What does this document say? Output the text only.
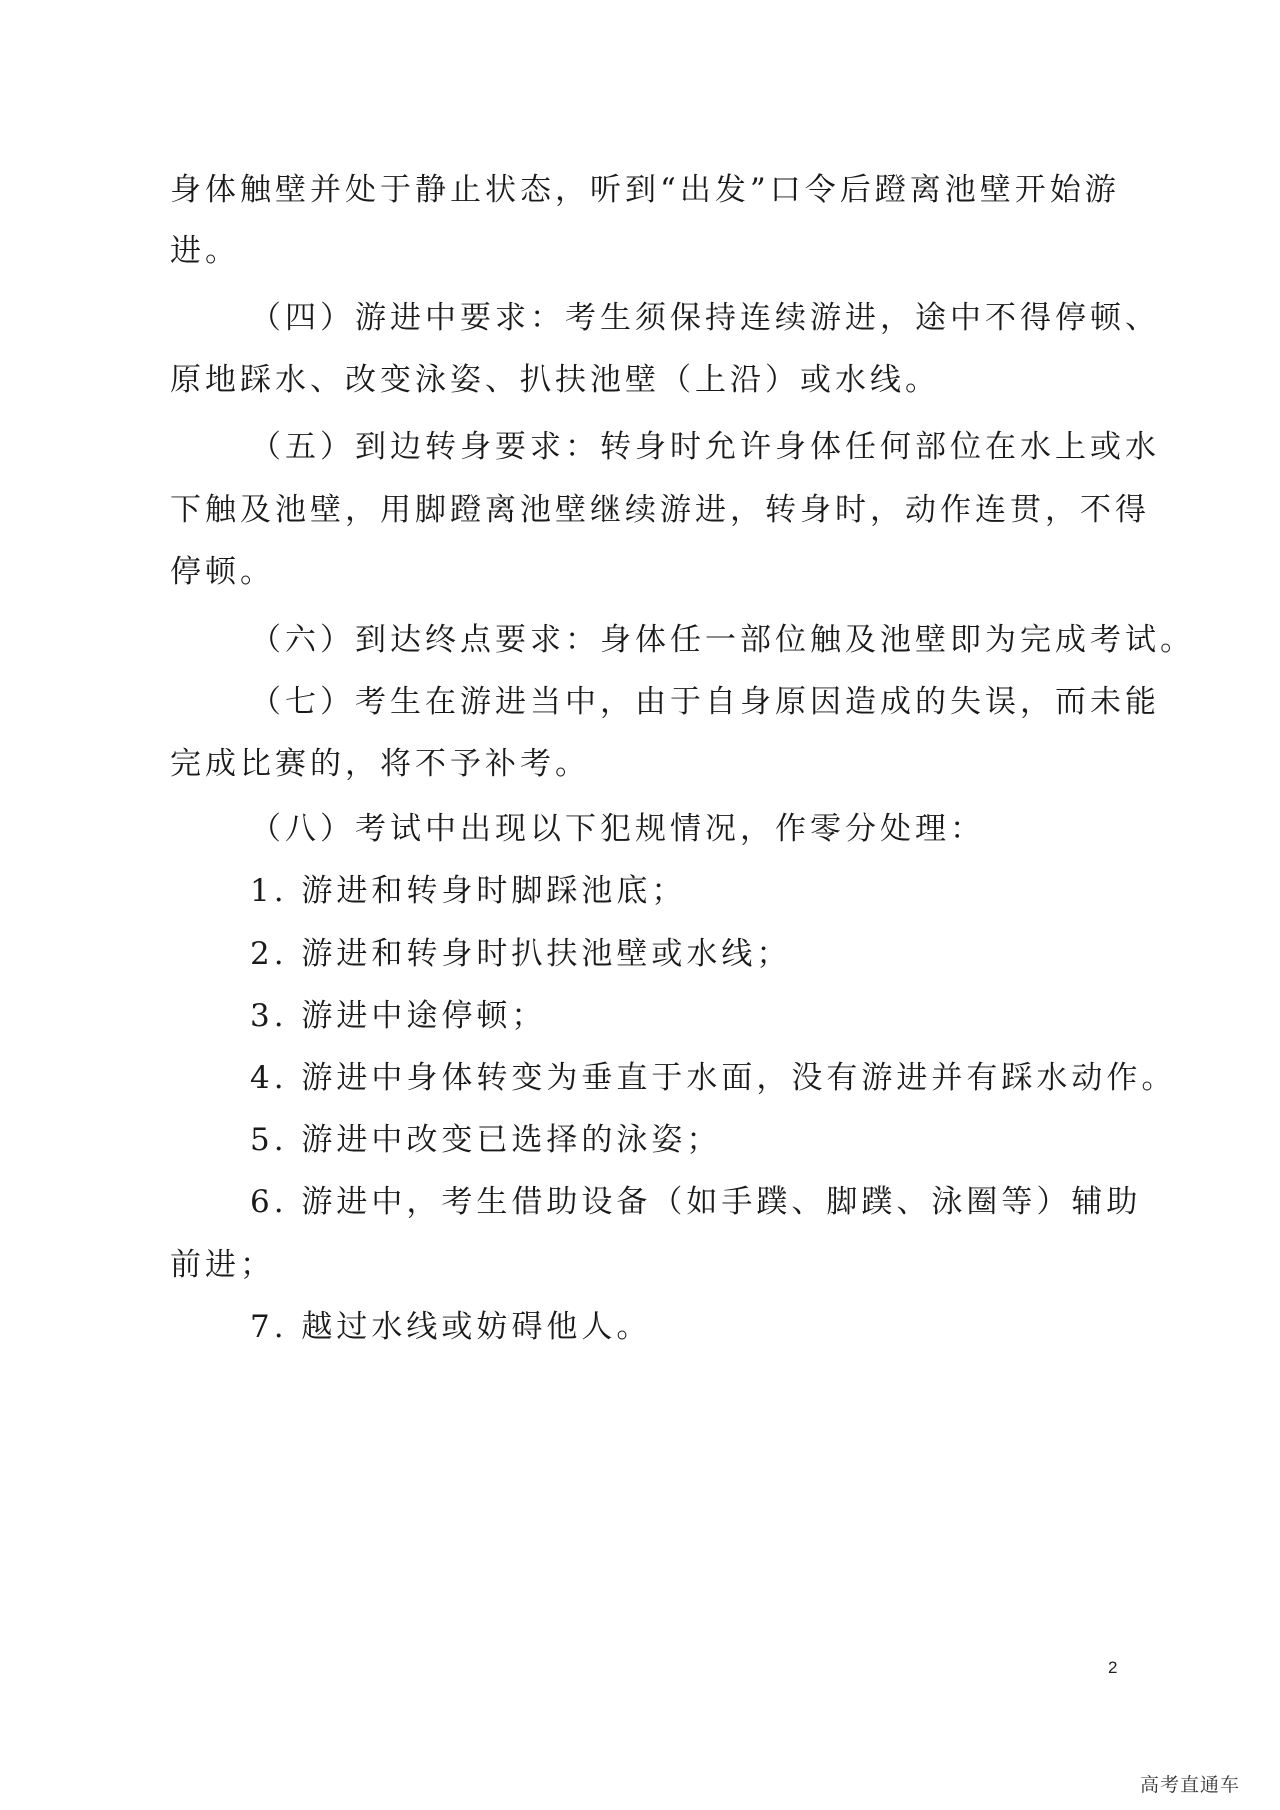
身体触壁并处于静止状态，听到“出发”口令后蹬离池壁开始游
进。
（四）游进中要求：考生须保持连续游进，途中不得停顿、
原地踩水、改变泳姿、扒扶池壁（上沿）或水线。
（五）到边转身要求：转身时允许身体任何部位在水上或水
下触及池壁，用脚蹬离池壁继续游进，转身时，动作连贯，不得
停顿。
（六）到达终点要求：身体任一部位触及池壁即为完成考试。
（七）考生在游进当中，由于自身原因造成的失误，而未能
完成比赛的，将不予补考。
（八）考试中出现以下犯规情况，作零分处理：
1. 游进和转身时脚踩池底；
2. 游进和转身时扒扶池壁或水线；
3. 游进中途停顿；
4. 游进中身体转变为垂直于水面，没有游进并有踩水动作。
5. 游进中改变已选择的泳姿；
6. 游进中，考生借助设备（如手蹼、脚蹼、泳圈等）辅助
前进；
7. 越过水线或妨碍他人。
2
高考直通车
